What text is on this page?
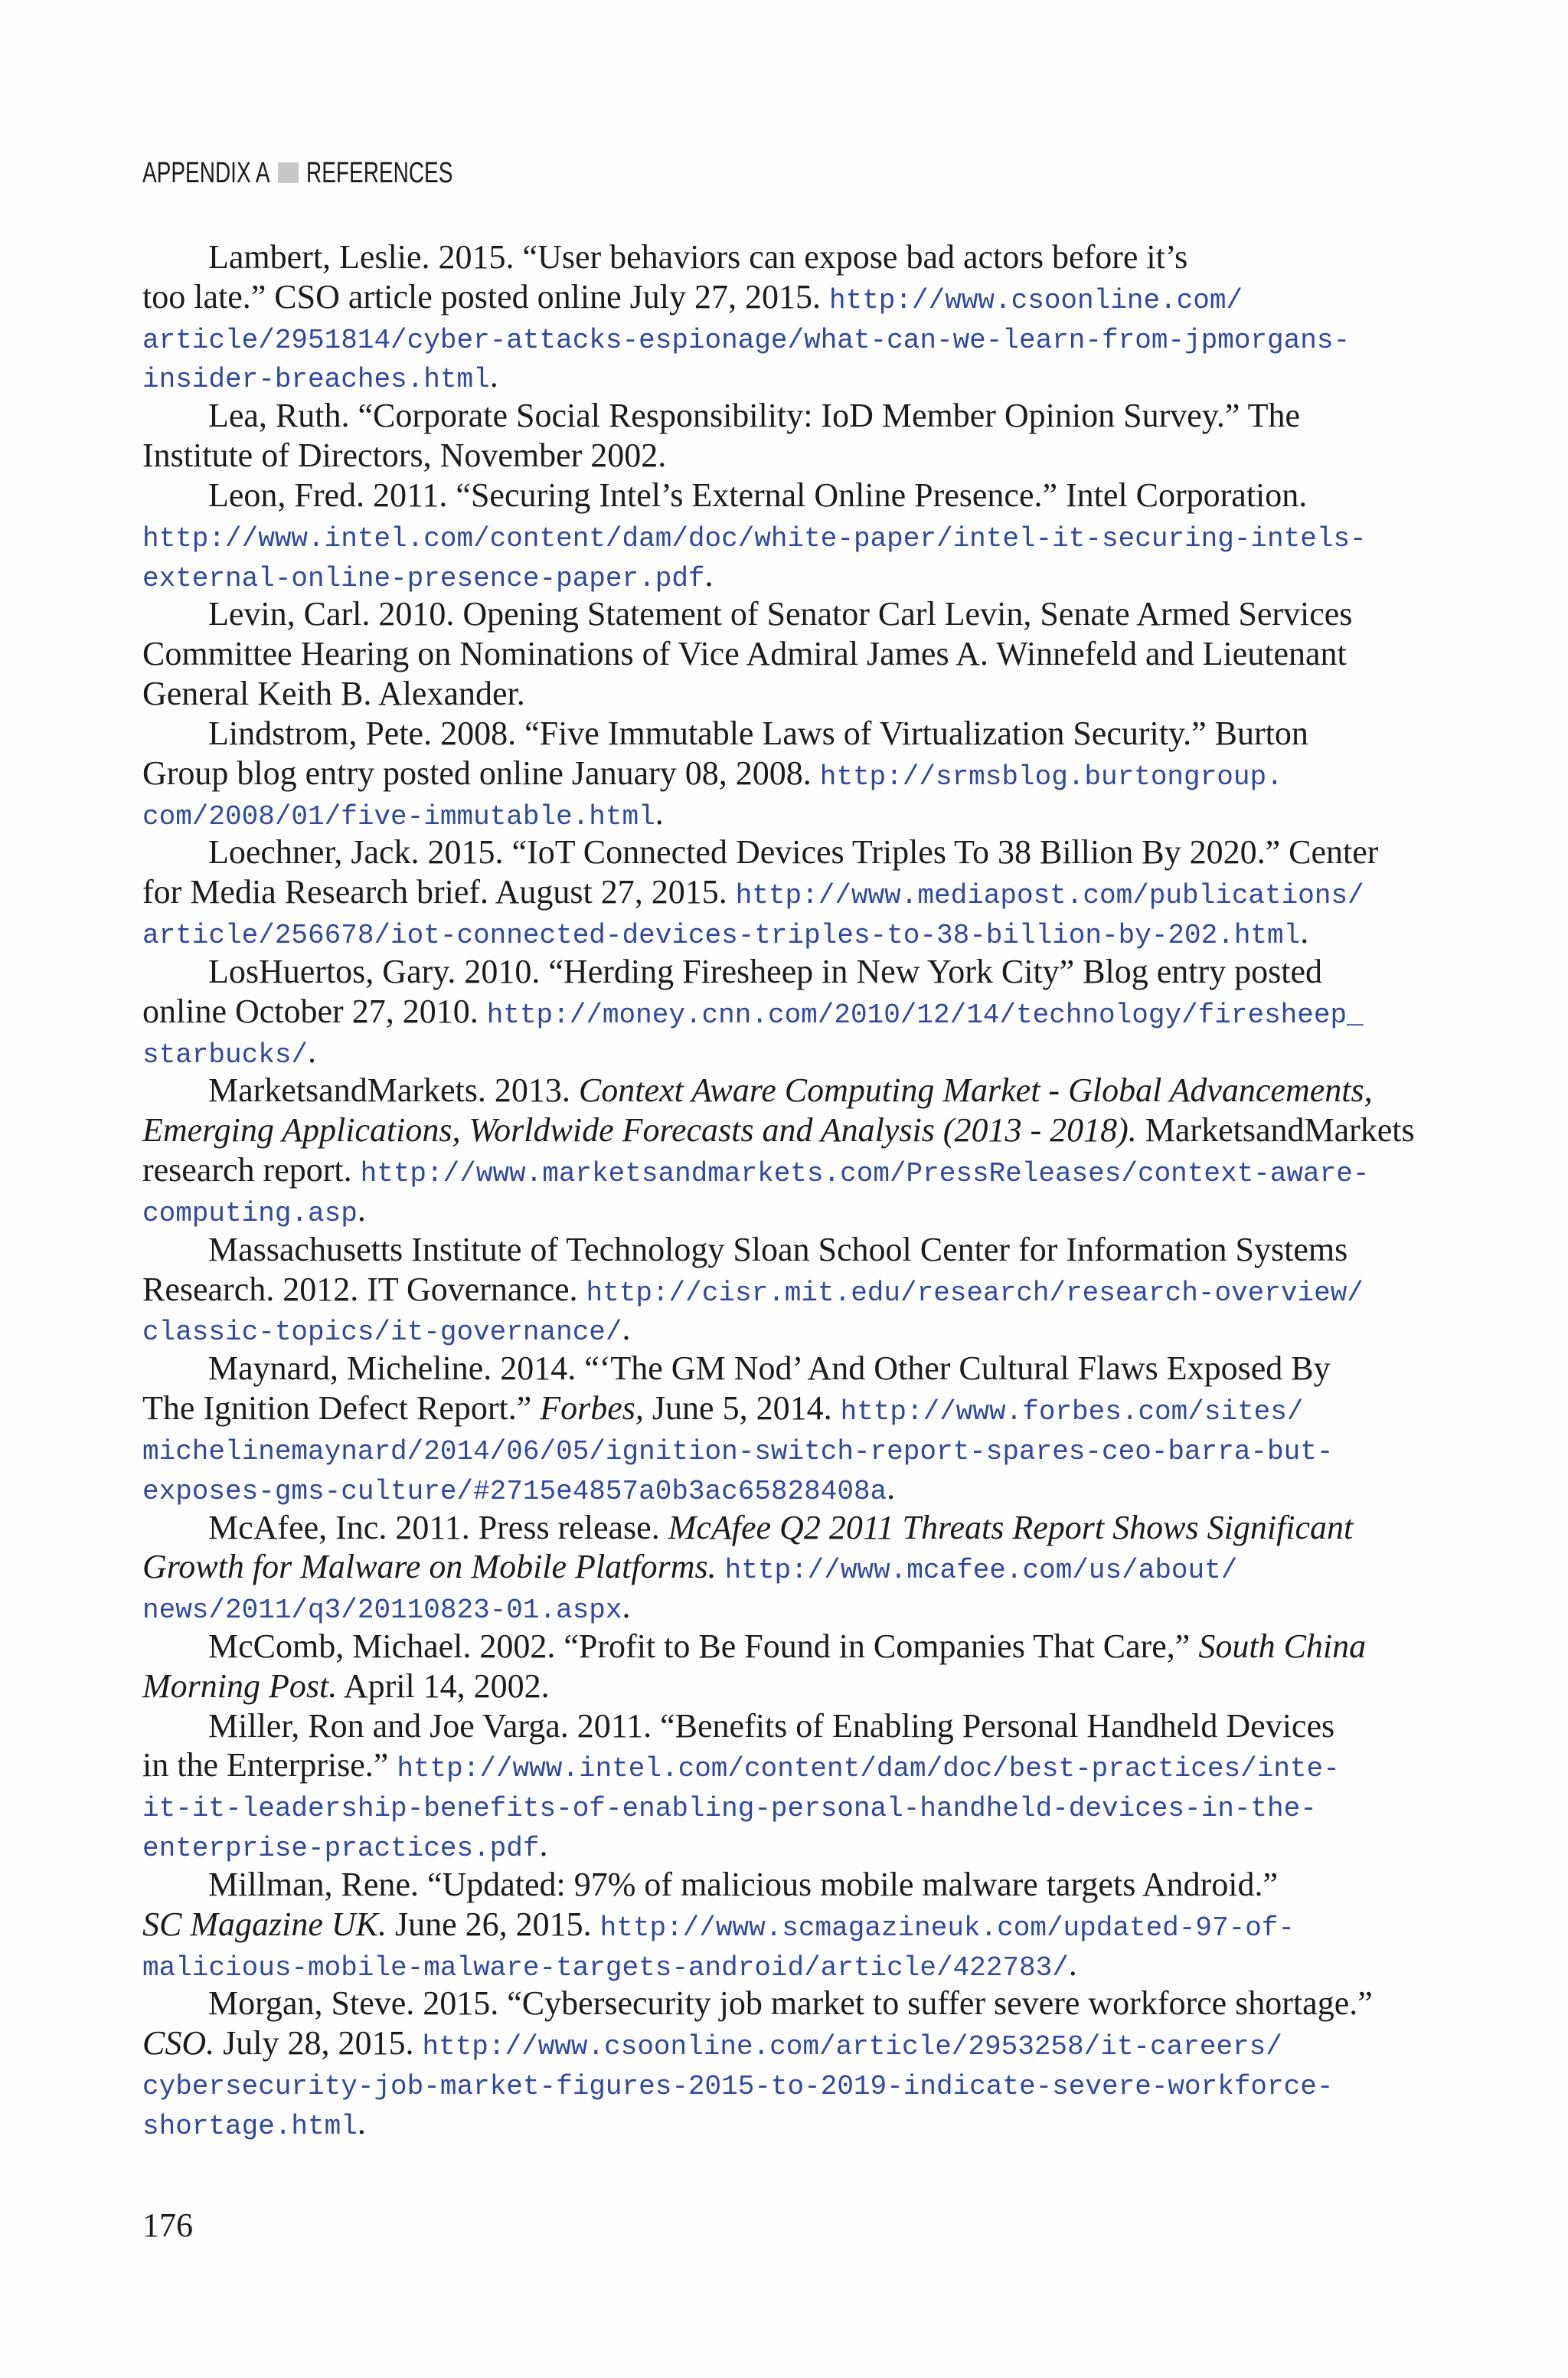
APPENDIX A REFERENCES
Lambert, Leslie. 2015. “User behaviors can expose bad actors before it’s
too late.” CSO article posted online July 27, 2015. http://www.csoonline.com/
article/2951814/cyber-attacks-espionage/what-can-we-learn-from-jpmorgans-
insider-breaches.html.
Lea, Ruth. “Corporate Social Responsibility: IoD Member Opinion Survey.” The
Institute of Directors, November 2002.
Leon, Fred. 2011. “Securing Intel’s External Online Presence.” Intel Corporation.
http://www.intel.com/content/dam/doc/white-paper/intel-it-securing-intels-
external-online-presence-paper.pdf.
Levin, Carl. 2010. Opening Statement of Senator Carl Levin, Senate Armed Services
Committee Hearing on Nominations of Vice Admiral James A. Winnefeld and Lieutenant
General Keith B. Alexander.
Lindstrom, Pete. 2008. “Five Immutable Laws of Virtualization Security.” Burton
Group blog entry posted online January 08, 2008. http://srmsblog.burtongroup.
com/2008/01/five-immutable.html.
Loechner, Jack. 2015. “IoT Connected Devices Triples To 38 Billion By 2020.” Center
for Media Research brief. August 27, 2015. http://www.mediapost.com/publications/
article/256678/iot-connected-devices-triples-to-38-billion-by-202.html.
LosHuertos, Gary. 2010. “Herding Firesheep in New York City” Blog entry posted
online October 27, 2010. http://money.cnn.com/2010/12/14/technology/firesheep_
starbucks/.
MarketsandMarkets. 2013. Context Aware Computing Market - Global Advancements,
Emerging Applications, Worldwide Forecasts and Analysis (2013 - 2018). MarketsandMarkets
research report. http://www.marketsandmarkets.com/PressReleases/context-aware-
computing.asp.
Massachusetts Institute of Technology Sloan School Center for Information Systems
Research. 2012. IT Governance. http://cisr.mit.edu/research/research-overview/
classic-topics/it-governance/.
Maynard, Micheline. 2014. “‘The GM Nod’ And Other Cultural Flaws Exposed By
The Ignition Defect Report.” Forbes, June 5, 2014. http://www.forbes.com/sites/
michelinemaynard/2014/06/05/ignition-switch-report-spares-ceo-barra-but-
exposes-gms-culture/#2715e4857a0b3ac65828408a.
McAfee, Inc. 2011. Press release. McAfee Q2 2011 Threats Report Shows Significant
Growth for Malware on Mobile Platforms. http://www.mcafee.com/us/about/
news/2011/q3/20110823-01.aspx.
McComb, Michael. 2002. “Profit to Be Found in Companies That Care,” South China
Morning Post. April 14, 2002.
Miller, Ron and Joe Varga. 2011. “Benefits of Enabling Personal Handheld Devices
in the Enterprise.” http://www.intel.com/content/dam/doc/best-practices/inte-
it-it-leadership-benefits-of-enabling-personal-handheld-devices-in-the-
enterprise-practices.pdf.
Millman, Rene. “Updated: 97% of malicious mobile malware targets Android.”
SC Magazine UK. June 26, 2015. http://www.scmagazineuk.com/updated-97-of-
malicious-mobile-malware-targets-android/article/422783/.
Morgan, Steve. 2015. “Cybersecurity job market to suffer severe workforce shortage.”
CSO. July 28, 2015. http://www.csoonline.com/article/2953258/it-careers/
cybersecurity-job-market-figures-2015-to-2019-indicate-severe-workforce-
shortage.html.
176
